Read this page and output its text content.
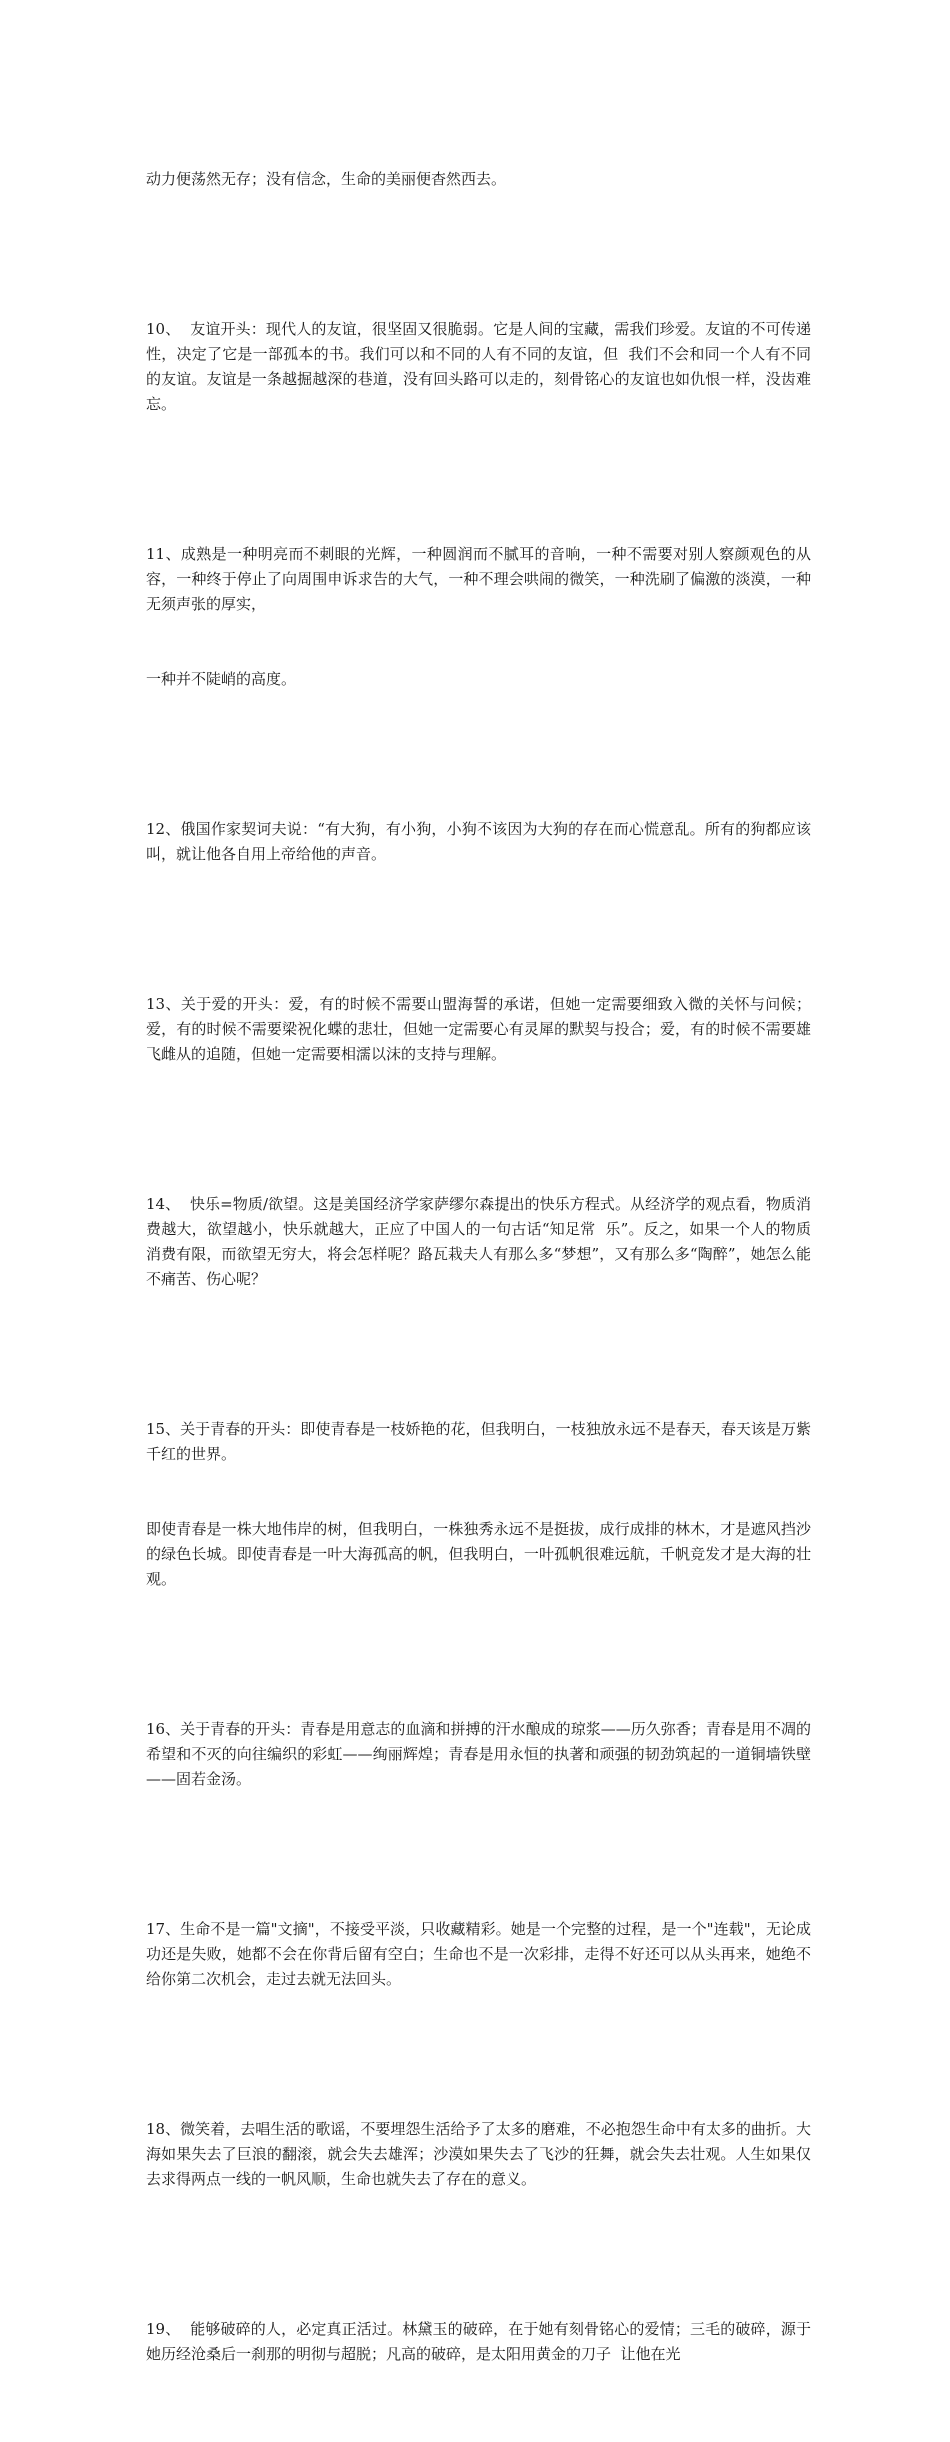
动力便荡然无存；没有信念，生命的美丽便杳然西去。

10、  友谊开头：现代人的友谊，很坚固又很脆弱。它是人间的宝藏，需我们珍爱。友谊的不可传递性，决定了它是一部孤本的书。我们可以和不同的人有不同的友谊，但  我们不会和同一个人有不同的友谊。友谊是一条越掘越深的巷道，没有回头路可以走的，刻骨铭心的友谊也如仇恨一样，没齿难忘。

11、成熟是一种明亮而不刺眼的光辉，一种圆润而不腻耳的音响，一种不需要对别人察颜观色的从容，一种终于停止了向周围申诉求告的大气，一种不理会哄闹的微笑，一种洗刷了偏激的淡漠，一种无须声张的厚实，

一种并不陡峭的高度。

12、俄国作家契诃夫说：“有大狗，有小狗，小狗不该因为大狗的存在而心慌意乱。所有的狗都应该叫，就让他各自用上帝给他的声音。

13、关于爱的开头：爱，有的时候不需要山盟海誓的承诺，但她一定需要细致入微的关怀与问候；爱，有的时候不需要梁祝化蝶的悲壮，但她一定需要心有灵犀的默契与投合；爱，有的时候不需要雄飞雌从的追随，但她一定需要相濡以沫的支持与理解。

14、  快乐=物质/欲望。这是美国经济学家萨缪尔森提出的快乐方程式。从经济学的观点看，物质消费越大，欲望越小，快乐就越大，正应了中国人的一句古话“知足常  乐”。反之，如果一个人的物质消费有限，而欲望无穷大，将会怎样呢？路瓦栽夫人有那么多“梦想”，又有那么多“陶醉”，她怎么能不痛苦、伤心呢？

15、关于青春的开头：即使青春是一枝娇艳的花，但我明白，一枝独放永远不是春天，春天该是万紫千红的世界。

即使青春是一株大地伟岸的树，但我明白，一株独秀永远不是挺拔，成行成排的林木，才是遮风挡沙的绿色长城。即使青春是一叶大海孤高的帆，但我明白，一叶孤帆很难远航，千帆竞发才是大海的壮观。

16、关于青春的开头：青春是用意志的血滴和拼搏的汗水酿成的琼浆——历久弥香；青春是用不凋的希望和不灭的向往编织的彩虹——绚丽辉煌；青春是用永恒的执著和顽强的韧劲筑起的一道铜墙铁壁——固若金汤。

17、生命不是一篇"文摘"，不接受平淡，只收藏精彩。她是一个完整的过程，是一个"连载"，无论成功还是失败，她都不会在你背后留有空白；生命也不是一次彩排，走得不好还可以从头再来，她绝不给你第二次机会，走过去就无法回头。

18、微笑着，去唱生活的歌谣，不要埋怨生活给予了太多的磨难，不必抱怨生命中有太多的曲折。大海如果失去了巨浪的翻滚，就会失去雄浑；沙漠如果失去了飞沙的狂舞，就会失去壮观。人生如果仅去求得两点一线的一帆风顺，生命也就失去了存在的意义。

19、  能够破碎的人，必定真正活过。林黛玉的破碎，在于她有刻骨铭心的爱情；三毛的破碎，源于她历经沧桑后一刹那的明彻与超脱；凡高的破碎，是太阳用黄金的刀子  让他在光
